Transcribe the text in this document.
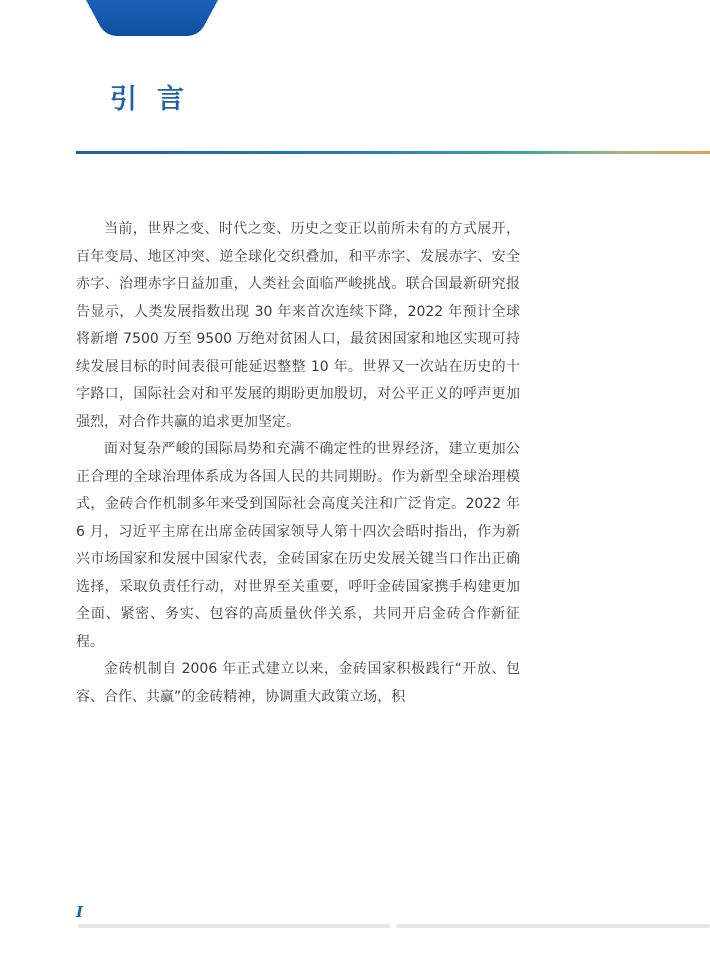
引言

当前，世界之变、时代之变、历史之变正以前所未有的方式展开，百年变局、地区冲突、逆全球化交织叠加，和平赤字、发展赤字、安全赤字、治理赤字日益加重，人类社会面临严峻挑战。联合国最新研究报告显示，人类发展指数出现 30 年来首次连续下降，2022 年预计全球将新增 7500 万至 9500 万绝对贫困人口，最贫困国家和地区实现可持续发展目标的时间表很可能延迟整整 10 年。世界又一次站在历史的十字路口，国际社会对和平发展的期盼更加殷切，对公平正义的呼声更加强烈，对合作共赢的追求更加坚定。

面对复杂严峻的国际局势和充满不确定性的世界经济，建立更加公正合理的全球治理体系成为各国人民的共同期盼。作为新型全球治理模式，金砖合作机制多年来受到国际社会高度关注和广泛肯定。2022 年 6 月，习近平主席在出席金砖国家领导人第十四次会晤时指出，作为新兴市场国家和发展中国家代表，金砖国家在历史发展关键当口作出正确选择，采取负责任行动，对世界至关重要，呼吁金砖国家携手构建更加全面、紧密、务实、包容的高质量伙伴关系，共同开启金砖合作新征程。

金砖机制自 2006 年正式建立以来，金砖国家积极践行“开放、包容、合作、共赢”的金砖精神，协调重大政策立场，积

I
